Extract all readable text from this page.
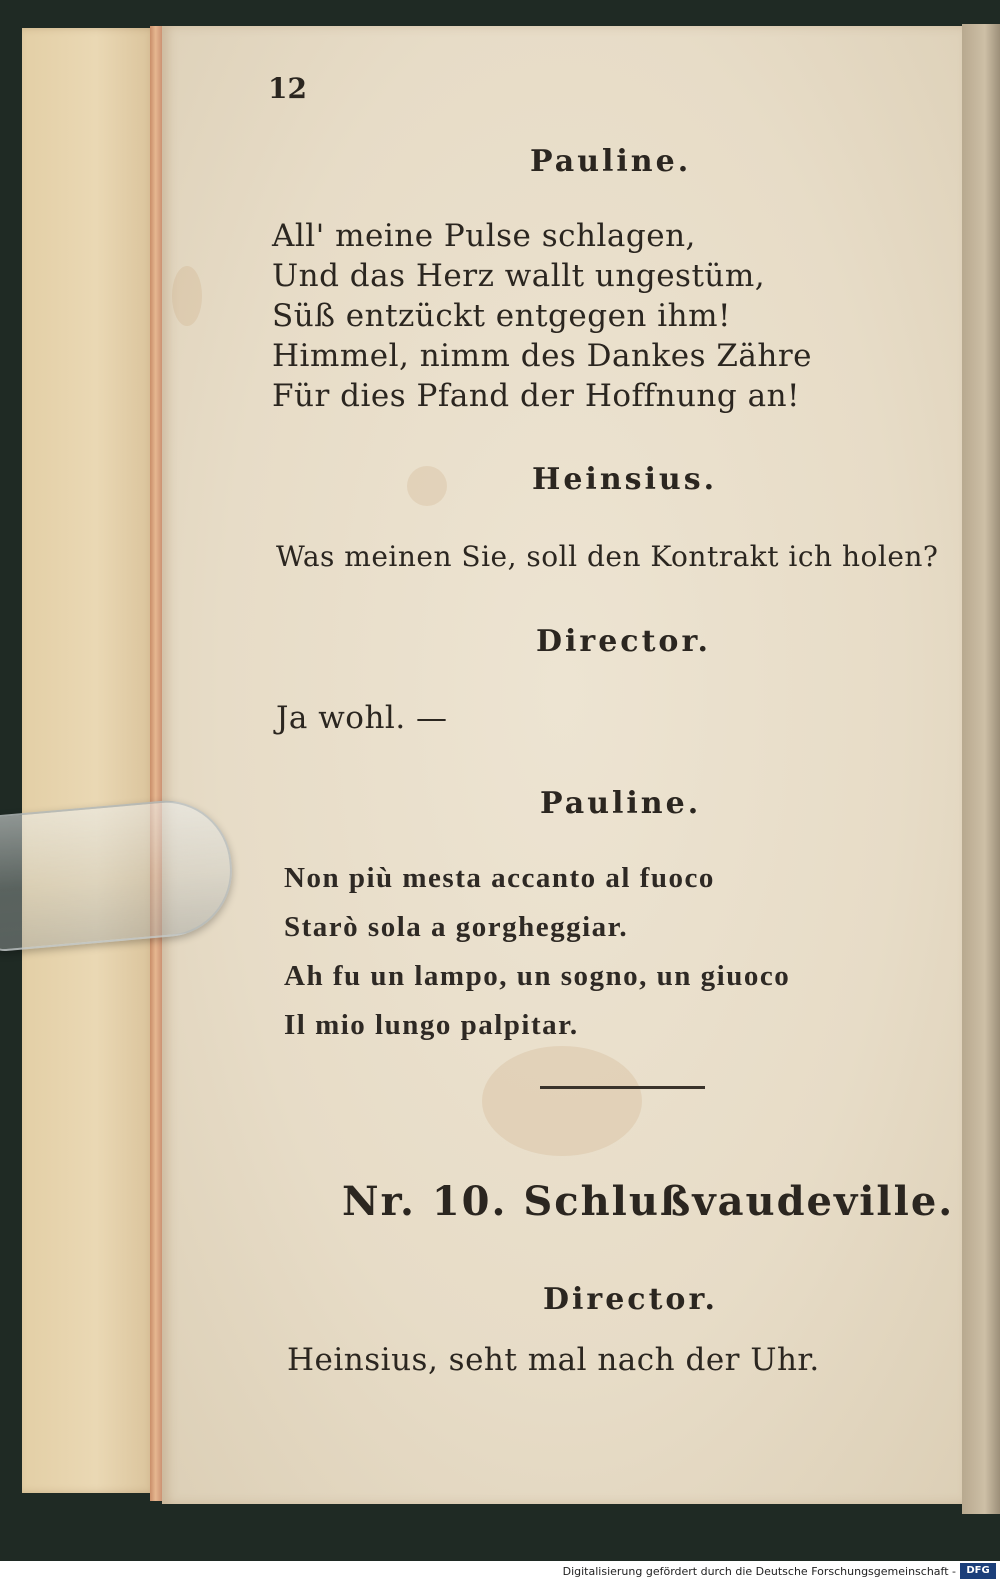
12
Pauline.
All' meine Pulse schlagen,
Und das Herz wallt ungestüm,
Süß entzückt entgegen ihm!
Himmel, nimm des Dankes Zähre
Für dies Pfand der Hoffnung an!
Heinsius.
Was meinen Sie, soll den Kontrakt ich holen?
Director.
Ja wohl. —
Pauline.
Non più mesta accanto al fuoco
Starò sola a gorgheggiar.
Ah fu un lampo, un sogno, un giuoco
Il mio lungo palpitar.
Nr. 10. Schlußvaudeville.
Director.
Heinsius, seht mal nach der Uhr.
Digitalisierung gefördert durch die Deutsche Forschungsgemeinschaft -	DFG
